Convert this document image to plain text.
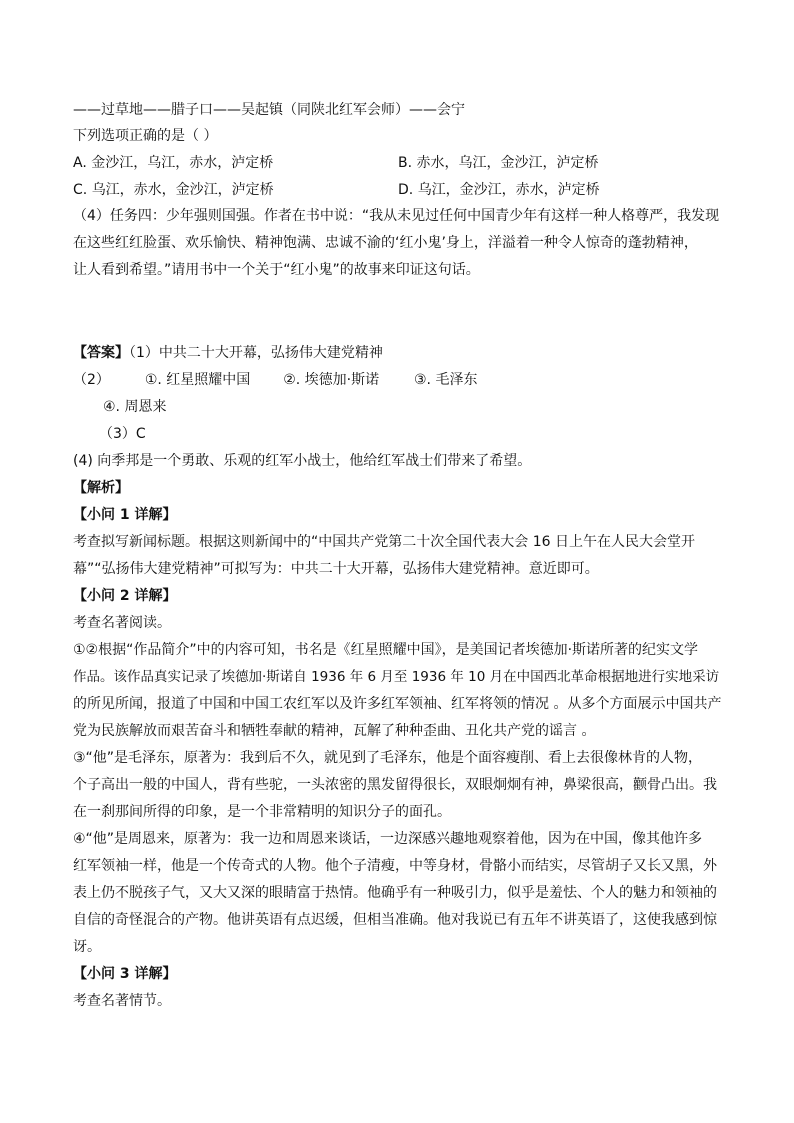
——过草地——腊子口——吴起镇（同陕北红军会师）——会宁
下列选项正确的是（ ）
A. 金沙江，乌江，赤水，泸定桥	B. 赤水，乌江，金沙江，泸定桥
C. 乌江，赤水，金沙江，泸定桥	D. 乌江，金沙江，赤水，泸定桥
（4）任务四：少年强则国强。作者在书中说：“我从未见过任何中国青少年有这样一种人格尊严，我发现
在这些红红脸蛋、欢乐愉快、精神饱满、忠诚不渝的‘红小鬼’身上，洋溢着一种令人惊奇的蓬勃精神，
让人看到希望。”请用书中一个关于“红小鬼”的故事来印证这句话。
【答案】（1）中共二十大开幕，弘扬伟大建党精神
（2） ①. 红星照耀中国 ②. 埃德加·斯诺 ③. 毛泽东
④. 周恩来
（3）C
(4) 向季邦是一个勇敢、乐观的红军小战士，他给红军战士们带来了希望。
【解析】
【小问 1 详解】
考查拟写新闻标题。根据这则新闻中的“中国共产党第二十次全国代表大会 16 日上午在人民大会堂开
幕”“弘扬伟大建党精神”可拟写为：中共二十大开幕，弘扬伟大建党精神。意近即可。
【小问 2 详解】
考查名著阅读。
①②根据“作品简介”中的内容可知，书名是《红星照耀中国》，是美国记者埃德加·斯诺所著的纪实文学
作品。该作品真实记录了埃德加·斯诺自 1936 年 6 月至 1936 年 10 月在中国西北革命根据地进行实地采访
的所见所闻，报道了中国和中国工农红军以及许多红军领袖、红军将领的情况 。从多个方面展示中国共产
党为民族解放而艰苦奋斗和牺牲奉献的精神，瓦解了种种歪曲、丑化共产党的谣言 。
③“他”是毛泽东，原著为：我到后不久，就见到了毛泽东，他是个面容瘦削、看上去很像林肯的人物，
个子高出一般的中国人，背有些驼，一头浓密的黑发留得很长，双眼炯炯有神，鼻梁很高，颧骨凸出。我
在一刹那间所得的印象，是一个非常精明的知识分子的面孔。
④“他”是周恩来，原著为：我一边和周恩来谈话，一边深感兴趣地观察着他，因为在中国，像其他许多
红军领袖一样，他是一个传奇式的人物。他个子清瘦，中等身材，骨骼小而结实，尽管胡子又长又黑，外
表上仍不脱孩子气，又大又深的眼睛富于热情。他确乎有一种吸引力，似乎是羞怯、个人的魅力和领袖的
自信的奇怪混合的产物。他讲英语有点迟缓，但相当准确。他对我说已有五年不讲英语了，这使我感到惊
讶。
【小问 3 详解】
考查名著情节。
